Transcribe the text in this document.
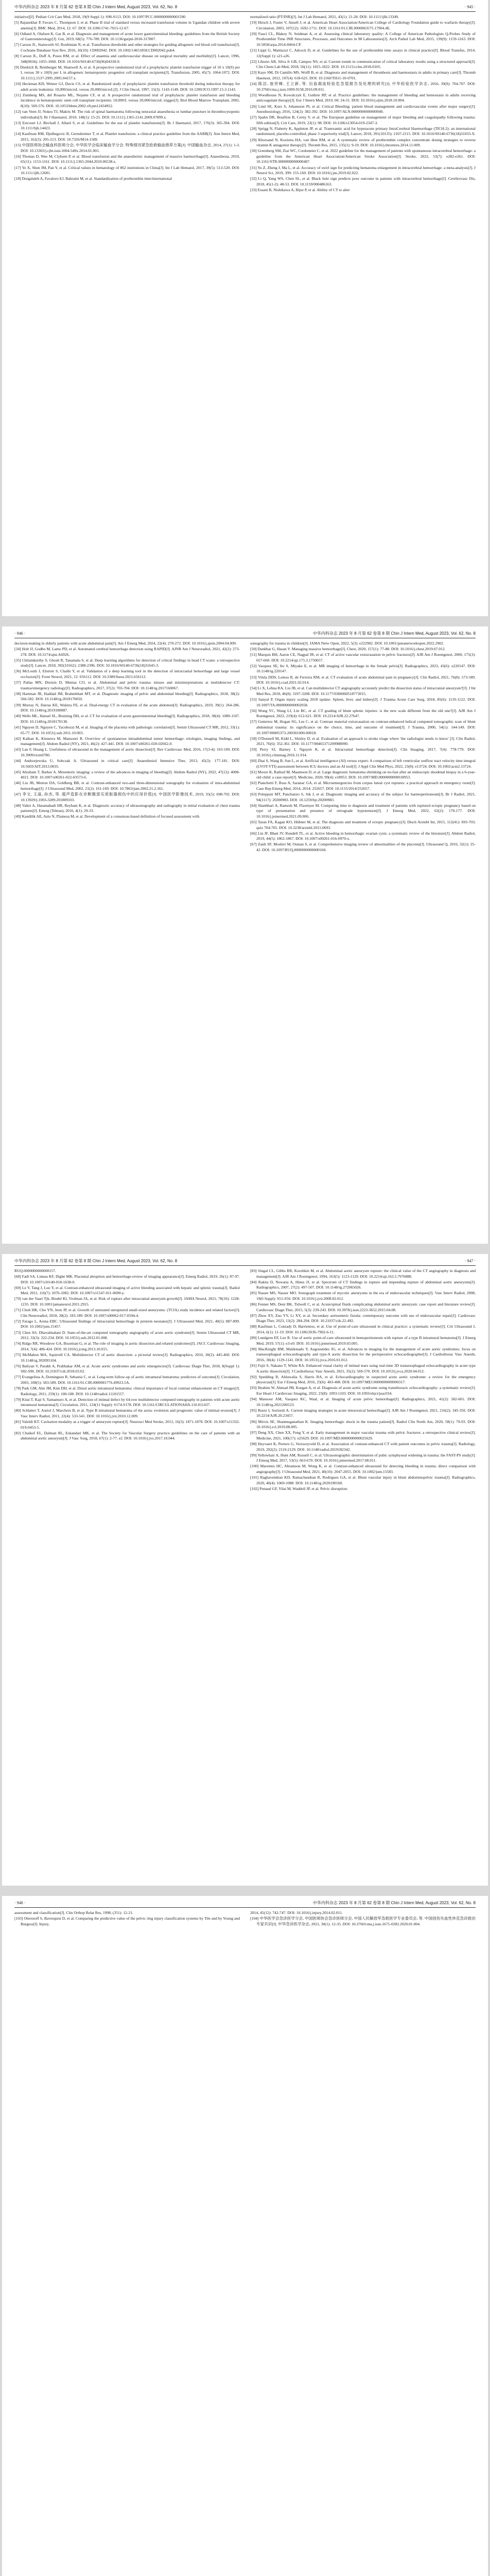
中华内科杂志 2023 年 8 月第 62 卷第 8 期 Chin J Intern Med, August 2023, Vol. 62, No. 8	· 945 ·

initiative][J]. Pediatr Crit Care Med, 2018, 19(9 Suppl 1): S98-S113. DOI: 10.1097/PCC.0000000000001590.

[5] Rajasekhar P, Favaro C, Thompson J, et al. Phase II trial of standard versus increased transfusion volume in Ugandan children with severe anemia[J]. BMC Med, 2014, 12: 67. DOI: 10.1186/1741-7015-12-67.

[6] Odland A, Olafsen K, Gar B, et al. Diagnosis and management of acute lower gastrointestinal bleeding: guidelines from the British Society of Gastroenterology[J]. Gut, 2019, 68(5): 776-789. DOI: 10.1136/gutjnl-2018-317807.

[7] Carson JL, Stanworth SJ, Roubinian N, et al. Transfusion thresholds and other strategies for guiding allogeneic red blood cell transfusion[J]. Cochrane Database Syst Rev, 2016, 10(10): CD002042. DOI: 10.1002/14651858.CD002042.pub4.

[8] Carson JL, Duff A, Poses RM, et al. Effect of anaemia and cardiovascular disease on surgical mortality and morbidity[J]. Lancet, 1996, 348(9034): 1055-1060. DOI: 10.1016/S0140-6736(96)04330-9.

[9] Diedrich B, Remberger M, Shanwell A, et al. A prospective randomized trial of a prophylactic platelet transfusion trigger of 10 x 10(9) per L versus 30 x 10(9) per L in allogeneic hematopoietic progenitor cell transplant recipients[J]. Transfusion, 2005, 45(7): 1064-1072. DOI: 10.1111/j.1537-2995.2005.04157.x.

[10] Heckman KD, Weiner GJ, Davis CS, et al. Randomized study of prophylactic platelet transfusion threshold during induction therapy for adult acute leukemia: 10,000/microL versus 20,000/microL[J]. J Clin Oncol, 1997, 15(3): 1143-1149. DOI: 10.1200/JCO.1997.15.3.1143.

[11] Zumberg MS, del Rosario ML, Nejame CF, et al. A prospective randomized trial of prophylactic platelet transfusion and bleeding incidence in hematopoietic stem cell transplant recipients: 10,000/L versus 20,000/microL trigger[J]. Biol Blood Marrow Transplant, 2002, 8(10): 569-576. DOI: 10.1053/bbmt.2002.v8.pm12434952.

[12] van Veen JJ, Nokes TJ, Makris M. The risk of spinal haematoma following neuraxial anaesthesia or lumbar puncture in thrombocytopenic individuals[J]. Br J Haematol, 2010, 148(1): 15-25. DOI: 10.1111/j.1365-2141.2009.07899.x.

[13] Estcourt LJ, Birchall J, Allard S, et al. Guidelines for the use of platelet transfusions[J]. Br J Haematol, 2017, 176(3): 365-394. DOI: 10.1111/bjh.14423.

[14] Kaufman RM, Djulbegovic B, Gernsheimer T, et al. Platelet transfusion: a clinical practice guideline from the AABB[J]. Ann Intern Med, 2015, 162(3): 205-213. DOI: 10.7326/M14-1589.

[15] 中国医师协会输血科医师分会, 中华医学会临床输血学分会. 特殊情况紧急抢救输血推荐方案[J]. 中国输血杂志, 2014, 27(1): 1-3. DOI: 10.13303/j.cjbt.issn.1004-549x.2014.01.001.

[16] Thomas D, Wee M, Clyburn P, et al. Blood transfusion and the anaesthetist: management of massive haemorrhage[J]. Anaesthesia, 2010, 65(11): 1153-1161. DOI: 10.1111/j.1365-2044.2010.06538.x.

[17] Ye X, Shen JM, Pan Y, et al. Critical values in hematology of 862 institutions in China[J]. Int J Lab Hematol, 2017, 39(5): 513-520. DOI: 10.1111/ijlh.12681.

[18] Dorgalaleh A, Favaloro EJ, Bahraini M, et al. Standardization of prothrombin time/international

normalized ratio (PT/INR)[J]. Int J Lab Hematol, 2021, 43(1): 21-28. DOI: 10.1111/ijlh.13349.

[19] Hirsch J, Fuster V, Ansell J, et al. American Heart Association/American College of Cardiology Foundation guide to warfarin therapy[J]. Circulation, 2003, 107(12): 1692-1711. DOI: 10.1161/01.CIR.0000063575.17904.4E.

[20] Fauci CL, Blakey N, Seidman A, et al. Assessing clinical laboratory quality: A College of American Pathologists Q-Probes Study of Prothrombin Time INR Structures, Processes, and Outcomes in 98 Laboratories[J]. Arch Pathol Lab Med, 2015, 139(9): 1159-1163. DOI: 10.5858/arpa.2014-0464-CP.

[21] Lippi G, Mattiuzzi C, Adcock D, et al. Guidelines for the use of prothrombin time assays in clinical practice[J]. Blood Transfus, 2014, 12(Suppl 1): s21-s26.

[22] Liborio AB, Silva Jr GB, Campos NS, et al. Current trends in communication of critical laboratory results using a structured approach[J]. Clin Chem Lab Med, 2018, 56(11): 1815-1822. DOI: 10.1515/cclm-2018-0105.

[23] Kaye SM, Di Camillo MS, Wolff B, et al. Diagnosis and management of thrombosis and haemostasis in adults in primary care[J]. Thromb Haemost, 2012, 107(4): 618-625. DOI: 10.1160/TH11-10-0701.

[24] 陈洁, 崔世峰, 王立新, 等. 出血凝血检验危急值报告及处理的研究[J]. 中华检验医学杂志, 2016, 39(9): 704-707. DOI: 10.3760/cma.j.issn.1009-9158.2016.09.011.

[25] Woodhouse N, Kowalczyk E, Guthrie RP, et al. Practice guidelines: the management of bleeding and hemostasis in adults receiving anticoagulant therapy[J]. Eur J Intern Med, 2019, 60: 24-31. DOI: 10.1016/j.ejim.2018.10.004.

[26] Lind SE, Kurz S, Johansson PI, et al. Critical Bleeding: patient blood management and cardiovascular events after major surgery[J]. Anesthesiology, 2016, 124(2): 382-392. DOI: 10.1097/ALN.0000000000000940.

[27] Spahn DR, Bouillon B, Cerny V, et al. The European guideline on management of major bleeding and coagulopathy following trauma: fifth edition[J]. Crit Care, 2019, 23(1): 98. DOI: 10.1186/s13054-019-2347-3.

[28] Sprigg N, Flaherty K, Appleton JP, et al. Tranexamic acid for hyperacute primary IntraCerebral Haemorrhage (TICH-2): an international randomised, placebo-controlled, phase 3 superiority trial[J]. Lancet, 2018, 391(10135): 2107-2115. DOI: 10.1016/S0140-6736(18)31033-X.

[29] Khorsand N, Kooistra HA, van Hest RM, et al. A systematic review of prothrombin complex concentrate dosing strategies to reverse vitamin K antagonist therapy[J]. Thromb Res, 2015, 135(1): 9-19. DOI: 10.1016/j.thromres.2014.11.009.

[30] Greenberg SM, Ziai WC, Cordonnier C, et al. 2022 guideline for the management of patients with spontaneous intracerebral hemorrhage: a guideline from the American Heart Association/American Stroke Association[J]. Stroke, 2022, 53(7): e282-e361. DOI: 10.1161/STR.0000000000000407.

[31] Yu Z, Zheng J, Ma L, et al. Accuracy of swirl sign for predicting hematoma enlargement in intracerebral hemorrhage: a meta-analysis[J]. J Neurol Sci, 2019, 399: 155-160. DOI: 10.1016/j.jns.2019.02.022.

[32] Li Q, Yang WS, Chen SL, et al. Black hole sign predicts poor outcome in patients with intracerebral hemorrhage[J]. Cerebrovasc Dis, 2018, 45(1-2): 48-53. DOI: 10.1159/000486163.

[33] Essani B, Nishikawa A, Bijur P, et al. Ability of CT to alter

· 946 ·	中华内科杂志 2023 年 8 月第 62 卷第 8 期 Chin J Intern Med, August 2023, Vol. 62, No. 8

decision-making in elderly patients with acute abdominal pain[J]. Am J Emerg Med, 2024, 22(4): 270-272. DOI: 10.1016/j.ajem.2004.04.009.

[34] Holt JJ, Godbo M, Lamo PD, et al. Automated cerebral hemorrhage detection using RAPID[J]. AJNR Am J Neuroradiol, 2021, 42(2): 273-278. DOI: 10.3174/ajnr.A6926.

[35] Chilamkurthy S, Ghosh R, Tanamala S, et al. Deep learning algorithms for detection of critical findings in head CT scans: a retrospective study[J]. Lancet, 2018, 392(10162): 2388-2396. DOI: 10.1016/S0140-6736(18)31645-3.

[36] McLouth J, Elstrott S, Chaibi Y, et al. Validation of a deep learning tool in the detection of intracranial hemorrhage and large vessel occlusion[J]. Front Neurol, 2021, 12: 656112. DOI: 10.3389/fneur.2021.656112.

[37] Patlas MN, Dreizin D, Menias CO, et al. Abdominal and pelvic trauma: misses and misinterpretations at multidetector CT: trauma/emergency radiology[J]. Radiographics, 2017, 37(2): 703-704. DOI: 10.1148/rg.2017160067.

[38] Hartman JR, Haddad JM, Brahmbhatt MT, et al. Diagnostic imaging of pelvic and abdominal bleeding[J]. Radiographics, 2018, 38(2): 566-582. DOI: 10.1148/rg.2018170050.

[39] Murray N, Darras KE, Walstra FE, et al. Dual-energy CT in evaluation of the acute abdomen[J]. Radiographics, 2019, 39(1): 264-286. DOI: 10.1148/rg.2019180087.

[40] Wells ML, Hansel SL, Bruining DH, et al. CT for evaluation of acute gastrointestinal bleeding[J]. Radiographics, 2018, 38(4): 1089-1107. DOI: 10.1148/rg.2018170138.

[41] Nguyen D, Nguyen C, Yacobozzi M, et al. Imaging of the placenta with pathologic correlation[J]. Semin Ultrasound CT MR, 2012, 33(1): 65-77. DOI: 10.1053/j.sult.2011.10.003.

[42] Kalkan K, Kinnerra M, Mansouri R. Overview of spontaneous intraabdominal tumor hemorrhage: etiologies, imaging findings, and management[J]. Abdom Radiol (NY), 2021, 46(2): 427-441. DOI: 10.1007/s00261-020-02662-0.

[43] Lau F, Huang L. Usefulness of ultrasound in the management of aortic dissection[J]. Rev Cardiovasc Med, 2016, 17(3-4): 103-109. DOI: 10.3909/ricm0780.

[44] Andrzejewska U, Sobczak A. Ultrasound in critical care[J]. Anaesthesiol Intensive Ther, 2013, 45(3): 177-181. DOI: 10.5603/AIT.2013.0035.

[45] Abraham T, Barker A. Mesenteric imaging: a review of the advances in imaging of bleeding[J]. Abdom Radiol (NY), 2022, 47(12): 4008-4021. DOI: 10.1007/s00261-022-03573-6.

[46] Liu JB, Merton DA, Goldberg BB, et al. Contrast-enhanced two-and three-dimensional sonography for evaluation of intra-abdominal hemorrhage[J]. J Ultrasound Med, 2002, 21(2): 161-169. DOI: 10.7863/jum.2002.21.2.161.

[47] 李文, 王晶, 孙杰, 等. 超声造影在诊断腹部实质脏器损伤中的应用价值[J]. 中国医学影像技术, 2019, 35(5): 698-702. DOI: 10.13929/j.1003-3289.201809103.

[48] Valtei A, Hatamabadi HR, Reyhani K, et al. Diagnostic accuracy of ultrasonography and radiography in initial evaluation of chest trauma patients[J]. Emerg (Tehran), 2016, 4(1): 29-33.

[49] Kandilik AE, Aslo N, Plamesa M, et al. Development of a consensus-based definition of focused assessment with

sonography for trauma in children[J]. JAMA Netw Open, 2022, 5(3): e222902. DOI: 10.1001/jamanetworkopen.2022.2902.

[50] Dankbar G, Hasan V. Managing massive hemorrhage[J]. Chest, 2020, 157(1): 77-88. DOI: 10.1016/j.chest.2019.07.012.

[51] Marquis BH, Aaron CE, Nagpal JR, et al. CT of active vascular extravasation in pelvic fractures[J]. AJR Am J Roentgenol, 2000, 175(3): 657-660. DOI: 10.2214/ajr.175.3.1750657.

[52] Vazquez SE, Ito S, Miyake E, et al. MR imaging of hemorrhage in the female pelvis[J]. Radiographics, 2023, 43(6): e220147. DOI: 10.1148/rg.220147.

[53] Vilela DDS, Lemos R, de Ferreira RM, et al. CT evaluation of acute abdominal pain in pregnancy[J]. Clin Radiol, 2021, 76(8): 573-589. DOI: 10.1016/j.crad.2021.02.014.

[54] Li X, Lehna RA, Liu JB, et al. Can multidetector CT angiography accurately predict the dissection status of intracranial aneurysm?[J]. J Int Med Res, 2018, 46(8): 3197-3208. DOI: 10.1177/0300060518773015.

[55] Sanyal P, Organ injury scaling 2018 update: Spleen, liver, and kidney[J]. J Trauma Acute Care Surg, 2018, 85(6): 1119-1122. DOI: 10.1097/TA.0000000000002058.

[56] Wong YC, Wang LJ, Lin BC, et al. CT grading of blunt splenic injuries: is the new scale different from the old one?[J]. AJR Am J Roentgenol, 2022, 219(4): 612-621. DOI: 10.2214/AJR.22.27647.

[57] Gutierrez M, Hogan SG, Lee C, et al. Contrast material extravasation on contrast-enhanced helical computed tomographic scan of blunt abdominal trauma: its significance on the choice, time, and outcome of treatment[J]. J Trauma, 2000, 54(1): 144-149. DOI: 10.1097/00005373-200301000-00018.

[58] O'Donnell M, Kidd L, Shirley D, et al. Evaluation of an approach to stroke triage where 'the radiologist needs to know' [J]. Clin Radiol, 2021, 76(6): 352-361. DOI: 10.1177/08465371209988090.

[59] Perry SJ, Barney J, Nguyen K, et al. Intracranial hemorrhage detection[J]. Clin Imaging, 2017, 7(4): 778-779. DOI: 10.1016/j.clinimag.2016.11.014.

[60] Zhai S, Wang B, Sun L, et al. Artificial intelligence (AI) versus expert: A comparison of left ventricular outflow tract velocity time integral (LVOT-VTI) assessment between ICU doctors and an AI tool[J]. J Appl Clin Med Phys, 2022, 23(8): e13724. DOI: 10.1002/acm2.13724.

[61] Moore K, Rathod M, Maamoon D, et al. Large diagnostic hematoma shrinking on no-fast after an endoscopic duodenal biopsy in a 6-year-old child: a case report[J]. Medicine, 2020, 99(4): e18953. DOI: 10.1097/MD.0000000000018953.

[62] Pianchetti F, Russ A, Saranac GA, et al. Microemergencies from corpus luteal cyst ruptures: a practical approach in emergency room[J]. Case Rep Emerg Med, 2014, 2014: 252657. DOI: 10.1155/2014/252657.

[63] Polepputi MT, Panchatsto S, Sik J, et al. Diagnostic imaging and accuracy of the subject for haemoperitoneum[J]. Br J Radiol, 2021, 94(1117): 20200983. DOI: 10.1259/bjr.20200983.

[64] Shanbhari A, Ramesh M, Flaxmyer M. Computing time to diagnosis and treatment of patients with ruptured ectopic pregnancy based on type of presentation and presence of retrograde hypotension[J]. J Emerg Med, 2022, 62(2): 170-177. DOI: 10.1016/j.jemermed.2021.09.006.

[65] Taran FA, Kagan KO, Hübner M, et al. The diagnosis and treatment of ectopic pregnancy[J]. Dtsch Arztebl Int, 2015, 112(41): 693-703; quiz 704-705. DOI: 10.3238/arztebl.2015.0693.

[66] Lin JF, Bhatt JV, Rundell TL, et al. Active bleeding in hemorrhagic ovarian cysts: a systematic review of the literature[J]. Abdom Radiol, 2019, 44(5): 1862-1867. DOI: 10.1007/s00261-016-0970-x.

[67] Zaidi SF, Moshiri M, Osman S, et al. Comprehensive imaging review of abnormalities of the placenta[J]. Ultrasound Q, 2016, 32(1): 25-42. DOI: 10.1097/RUQ.0000000000000160.

中华内科杂志 2023 年 8 月第 62 卷第 8 期 Chin J Intern Med, August 2023, Vol. 62, No. 8	· 947 ·

RUQ.0000000000000157.

[68] Fadl SA, Linnau KF, Dighe MK. Placental abruption and hemorrhage-review of imaging appearance[J]. Emerg Radiol, 2019, 26(1): 87-97. DOI: 10.1007/s10140-018-1638-0.

[69] Le V, Tang J, Luo Y, et al. Contrast-enhanced ultrasound imaging of active bleeding associated with hepatic and splenic trauma[J]. Radiol Med, 2011, 116(7): 1076-1082. DOI: 10.1007/s11547-011-0690-y.

[70] van der Vaart Tjk, Bredel Kl, Vrolman JA, et al. Risk of rupture after intracranial aneurysm growth[J]. JAMA Neurol, 2021, 78(10): 1228-1235. DOI: 10.1001/jamaneurol.2021.2915.

[71] Choh HK, Cho YN, Jeon JP, et al. Growth of untreated unruptured small-sized aneurysms: (TCIA) study incidence and related factors[J]. Clin Neuroradiol, 2018, 28(2): 183-189. DOI: 10.1007/s00062-017-0594-4.

[72] Farago L, Arena EBC. Ultrasound findings of intracranial hemorrhage in preterm neonates[J]. J Ultrasound Med, 2021, 40(5): 887-899. DOI: 10.1002/jum.15457.

[73] Chen AS, Dhavalmalani D. State-of-the-art computed tomography angiography of acute aortic syndrome[J]. Semin Ultrasound CT MR, 2012, 33(3): 222-234. DOI: 10.1053/j.sult.2012.01.008.

[74] Ridgo RR, Woodrow GA, Bozeman G, et al. The role of imaging in aortic dissection and related syndromes[J]. JACC Cardiovasc Imaging, 2014, 7(4): 406-424. DOI: 10.1016/j.jcmg.2013.10.015.

[75] McMahon MA, Squirrell CA. Multidetector CT of aortic dissection: a pictorial review[J]. Radiographics, 2010, 30(2): 445-460. DOI: 10.1148/rg.302095104.

[76] Baliyan V, Parakh A, Prabhakar AM, et al. Acute aortic syndromes and aortic emergencies[J]. Cardiovasc Diagn Ther, 2018, 8(Suppl 1): S82-S96. DOI: 10.21037/cdt.2018.03.02.

[77] Evangelista A, Dominguez R, Sebastia C, et al. Long-term follow-up of aortic intramural hematoma: predictors of outcome[J]. Circulation, 2003, 108(5): 583-589. DOI: 10.1161/01.CIR.0000081776.49923.5A.

[78] Park GM, Ahn JM, Kim DH, et al. Distal aortic intramural hematoma: clinical importance of focal contrast enhancement on CT images[J]. Radiology, 2011, 259(1): 100-108. DOI: 10.1148/radiol.11101557.

[79] Kitai T, Kaji S, Yamamuro A, et al. Detection of intimal defect by 64-row multidetector computed tomography in patients with acute aortic intramural hematoma[J]. Circulation, 2011, 124(11 Suppl): S174-S178. DOI: 10.1161/CIRCULATIONAHA.110.011437.

[80] Schlatter T, Auriol J, Marcheix B, et al. Type B intramural hematoma of the aorta: evolution and prognostic value of intimal erosion[J]. J Vasc Interv Radiol, 2011, 22(4): 533-541. DOI: 10.1016/j.jvir.2010.12.009.

[81] Valeldi KT. Cavitation modality as a trigger of aneurysm rupture[J]. Neurosci Med Stroke, 2012, 16(3): 1871-1878. DOI: 10.1007/s11332-019-0453-5.

[82] Chaikof EL, Dalman RL, Eskandari MK, et al. The Society for Vascular Surgery practice guidelines on the care of patients with an abdominal aortic aneurysm[J]. J Vasc Surg, 2018, 67(1): 2-77. e2. DOI: 10.1016/j.jvs.2017.10.044.

[83] Singal CL, Gibbs RR, Korobkin M, et al. Abdominal aortic aneurysm rupture: the clinical value of the CT angiography in diagnosis and management[J]. AJR Am J Roentgenol, 1994, 163(5): 1123-1129. DOI: 10.2214/ajr.163.5.7976888.

[84] Rakita D, Newatia A, Hines JJ, et al. Spectrum of CT findings in rupture and impending rupture of abdominal aortic aneurysms[J]. Radiographics, 2007, 27(2): 497-507. DOI: 10.1148/rg.272065026.

[85] Nasser MS, Nasser MO. Sonograph treatment of mycotic aneurysms in the era of endovascular techniques[J]. Vasc Interv Radiol, 2008, 19(6 Suppl): S51-S56. DOI: 10.1016/j.jvir.2008.02.012.

[86] Fenner MS, Dent BK, Tidwell C, et al. Acute/spinal fluids complicating abdominal aortic aneurysm: case report and literature review[J]. Cardiovasc Diagn Ther, 2015, 5(3): 239-243. DOI: 10.3978/j.issn.2223-3652.2015.04.08.

[87] Zhou XY, Zuo YY, Li XY, et al. Secondary aortoenteric fistula: contemporary outcome with use of endovascular repair[J]. Cardiovasc Diagn Ther, 2023, 13(2): 284-294. DOI: 10.21037/cdt-22-492.

[88] Kaufman L, Conrady D, Barrientos, et al. Use of point-of-care ultrasound in clinical practice: a systematic review[J]. Crit Ultrasound J, 2014, 6(1): 11-19. DOI: 10.1186/2036-7902-6-11.

[89] Lundgren EF, Lee R. Use of aortic point-of-care ultrasound in hemoperitoneum with rupture of a type B intramural hematoma[J]. J Emerg Med, 2019, 57(1): e3-e9. DOI: 10.1016/j.jemermed.2019.03.005.

[90] MacKnight BM, Maldonado Y, Augoustides JG, et al. Advances in imaging for the management of acute aortic syndromes: focus on transesophageal echocardiography and type-A aortic dissection for the perioperative echocardiographer[J]. J Cardiothorac Vasc Anesth, 2016, 30(4): 1129-1141. DOI: 10.1053/j.jvca.2016.01.012.

[91] Fujii S, Nakano T, White RA. Enhanced visual clarity of intimal tears using real-time 3D transesophageal echocardiography in acute type A aortic dissection[J]. J Cardiothorac Vasc Anesth, 2021, 35(2): 569-570. DOI: 10.1053/j.jvca.2020.04.012.

[92] Spedding R, Ahluwalia S, Harris RA, et al. Echocardiography in suspected acute aortic syndrome: a review for the emergency physician[J]. Eur J Emerg Med, 2016, 23(6): 403-408. DOI: 10.1097/MEJ.0000000000000317.

[93] Ibrahim W, Ahmad JM, Kurgan A, et al. Diagnosis of acute aortic syndrome using transthoracic echocardiography: a systematic review[J]. Eur Heart J Cardiovasc Imaging, 2022, 23(8): 1093-1103. DOI: 10.1093/ehjci/jeac034.

[94] Mansour AM, Vasquez KC, Waal, et al. Imaging of acute pelvic hemorrhage[J]. Radiographics, 2021, 41(2): 582-601. DOI: 10.1148/rg.2021200123.

[95] Ruetz I, Sortzeiti A. Current imaging strategies in acute intravesical hemorrhage[J]. AJR Am J Roentgenol, 2021, 216(2): 345-356. DOI: 10.2214/AJR.20.23457.

[96] Mirvis SE, Shanmuganathan K. Imaging hemorrhagic shock in the trauma patient[J]. Radiol Clin North Am, 2020, 58(1): 79-93. DOI: 10.1016/j.rcl.2019.08.005.

[97] Deng XX, Chen XX, Feng Y, et al. Early management in major vascular trauma with pelvic fractures: a retrospective clinical review[J]. Medicine, 2021, 100(17): e25629. DOI: 10.1097/MD.0000000000025629.

[98] Heyvaert K, Peeters G, Versweyveld D, et al. Association of contrast-enhanced CT with patient outcomes in pelvic trauma[J]. Radiology, 2019, 292(2): 2119-2129. DOI: 10.1148/radiol.2019182342.

[99] Yellowhair A, Hunt AM, Russell C, et al. Ultrasonographic determination of pubic symphyseal widening in trauma: the FAST-PS study[J]. J Emerg Med, 2017, 53(5): 663-670. DOI: 10.1016/j.jemermed.2017.08.011.

[100] Marentes HC, Abramson M, Wong K, et al. Contrast-enhanced ultrasound for detecting bleeding in trauma: direct comparison with angiography[J]. J Ultrasound Med, 2021, 40(10): 2047-2055. DOI: 10.1002/jum.15583.

[101] Raghavendran KD, Ramachandran R, Rodrigues GA, et al. Blunt vascular injury in blunt abdominopelvic trauma[J]. Radiographics, 2020, 40(4): 1069-1088. DOI: 10.1148/rg.2020190168.

[102] Penaud GF, Yilai M, Waddell JP, et al. Pelvic disruption:

· 948 ·	中华内科杂志 2023 年 8 月第 62 卷第 8 期 Chin J Intern Med, August 2023, Vol. 62, No. 8

assessment and classification[J]. Clin Orthop Relat Res, 1998, (351): 12-21.

[103] Otterstoff S, Baverquist D, et al. Comparing the predictive value of the pelvic ring injury classification systems by Tile and by Young and Burgess[J]. Injury,

2014, 45(12): 742-747. DOI: 10.1016/j.injury.2014.02.011.

[104] 中华医学会急诊医学分会, 中国医师协会急诊医师分会, 中国人民解放军急救医学专业委员会, 等. 中国创伤失血性休克急诊救治专家共识[J]. 中华急诊医学杂志, 2021, 30(1): 12-35. DOI: 10.3760/cma.j.issn.1671-0282.2020.01.004.
